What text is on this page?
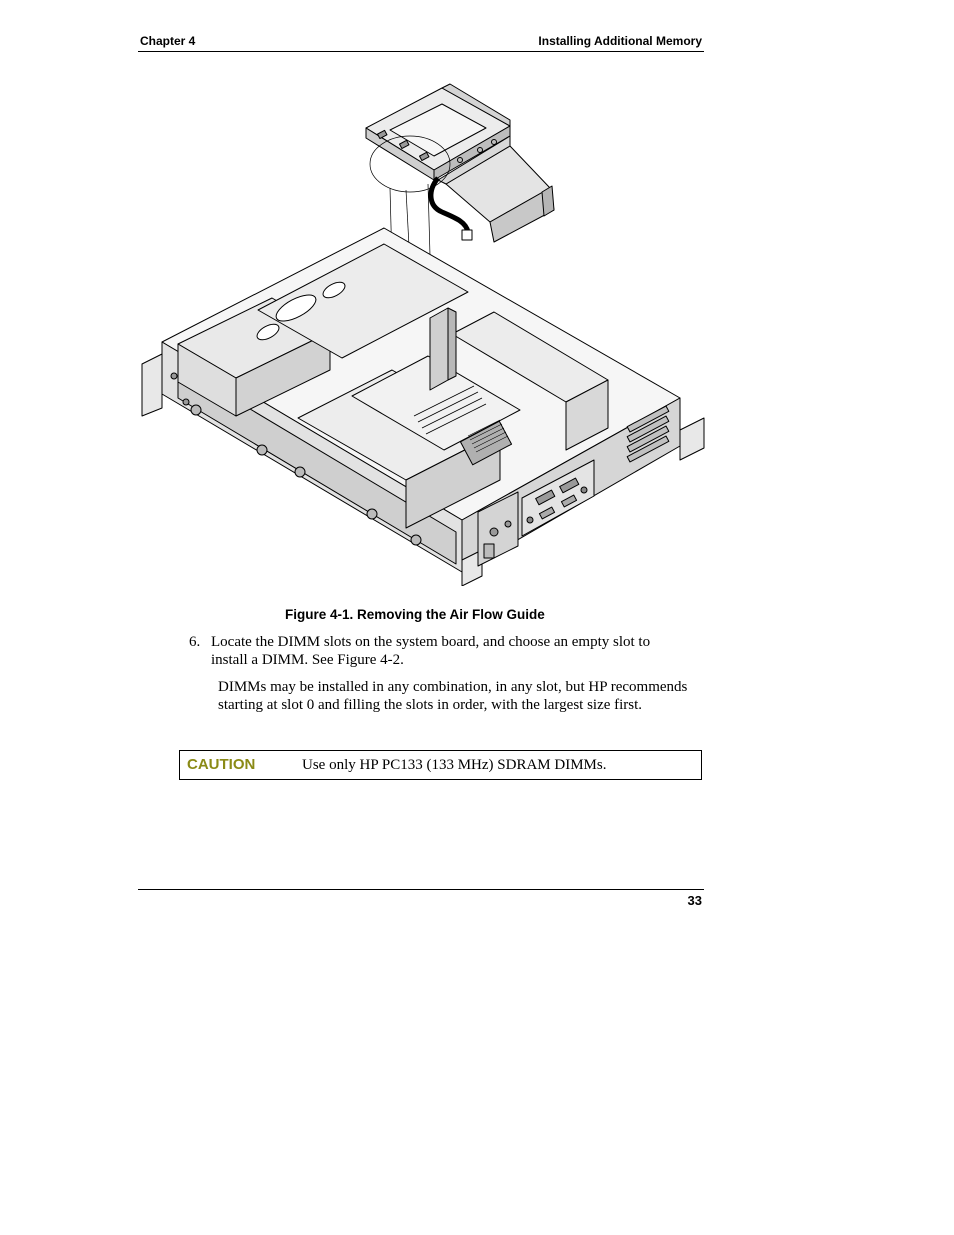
Chapter 4	Installing Additional Memory
Figure 4-1. Removing the Air Flow Guide
6. Locate the DIMM slots on the system board, and choose an empty slot to install a DIMM. See Figure 4-2.
DIMMs may be installed in any combination, in any slot, but HP recommends starting at slot 0 and filling the slots in order, with the largest size first.
CAUTION	Use only HP PC133 (133 MHz) SDRAM DIMMs.
33
